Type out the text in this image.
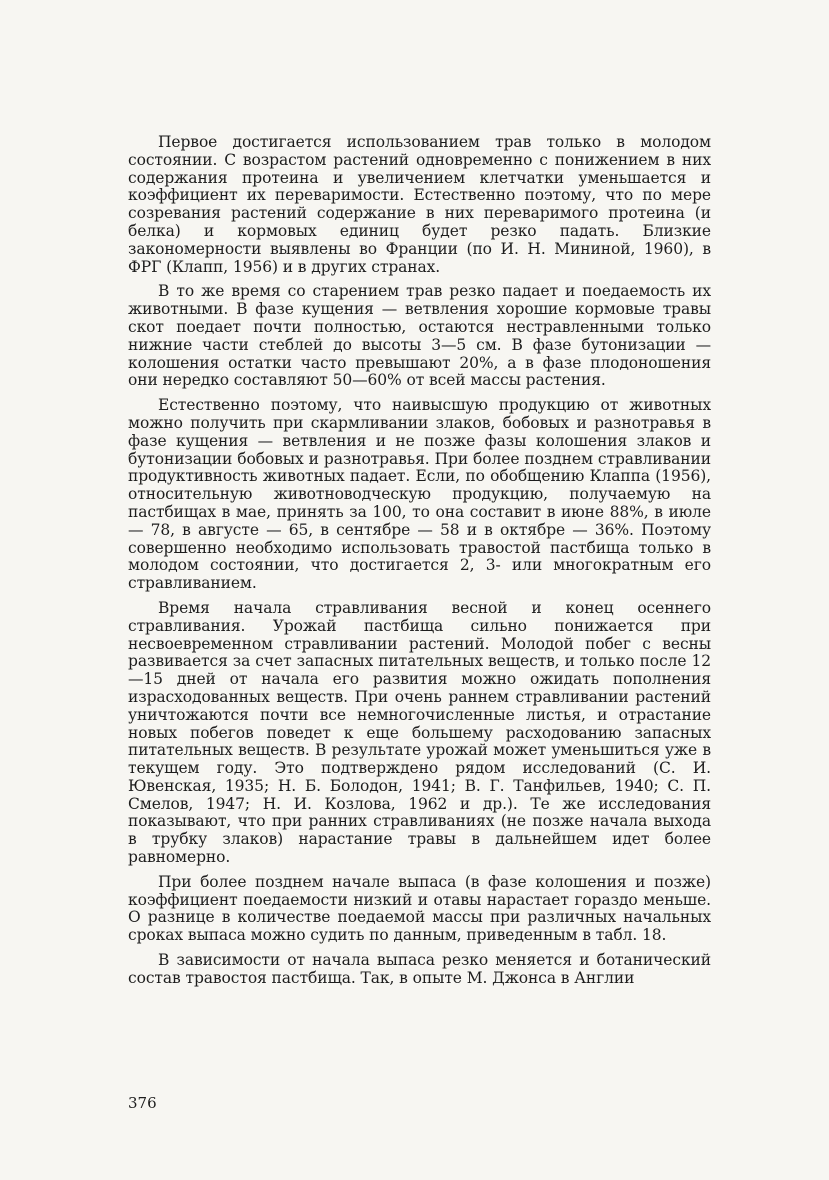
Первое достигается использованием трав только в молодом состоянии. С возрастом растений одновременно с понижением в них содержания протеина и увеличением клетчатки уменьшается и коэффициент их переваримости. Естественно поэтому, что по мере созревания растений содержание в них переваримого протеина (и белка) и кормовых единиц будет резко падать. Близкие закономерности выявлены во Франции (по И. Н. Мининой, 1960), в ФРГ (Клапп, 1956) и в других странах.

В то же время со старением трав резко падает и поедаемость их животными. В фазе кущения — ветвления хорошие кормовые травы скот поедает почти полностью, остаются нестравленными только нижние части стеблей до высоты 3—5 см. В фазе бутонизации — колошения остатки часто превышают 20%, а в фазе плодоношения они нередко составляют 50—60% от всей массы растения.

Естественно поэтому, что наивысшую продукцию от животных можно получить при скармливании злаков, бобовых и разнотравья в фазе кущения — ветвления и не позже фазы колошения злаков и бутонизации бобовых и разнотравья. При более позднем стравливании продуктивность животных падает. Если, по обобщению Клаппа (1956), относительную животноводческую продукцию, получаемую на пастбищах в мае, принять за 100, то она составит в июне 88%, в июле — 78, в августе — 65, в сентябре — 58 и в октябре — 36%. Поэтому совершенно необходимо использовать травостой пастбища только в молодом состоянии, что достигается 2, 3- или многократным его стравливанием.

Время начала стравливания весной и конец осеннего стравливания. Урожай пастбища сильно понижается при несвоевременном стравливании растений. Молодой побег с весны развивается за счет запасных питательных веществ, и только после 12—15 дней от начала его развития можно ожидать пополнения израсходованных веществ. При очень раннем стравливании растений уничтожаются почти все немногочисленные листья, и отрастание новых побегов поведет к еще большему расходованию запасных питательных веществ. В результате урожай может уменьшиться уже в текущем году. Это подтверждено рядом исследований (С. И. Ювенская, 1935; Н. Б. Болодон, 1941; В. Г. Танфильев, 1940; С. П. Смелов, 1947; Н. И. Козлова, 1962 и др.). Те же исследования показывают, что при ранних стравливаниях (не позже начала выхода в трубку злаков) нарастание травы в дальнейшем идет более равномерно.

При более позднем начале выпаса (в фазе колошения и позже) коэффициент поедаемости низкий и отавы нарастает гораздо меньше. О разнице в количестве поедаемой массы при различных начальных сроках выпаса можно судить по данным, приведенным в табл. 18.

В зависимости от начала выпаса резко меняется и ботанический состав травостоя пастбища. Так, в опыте М. Джонса в Англии

376
